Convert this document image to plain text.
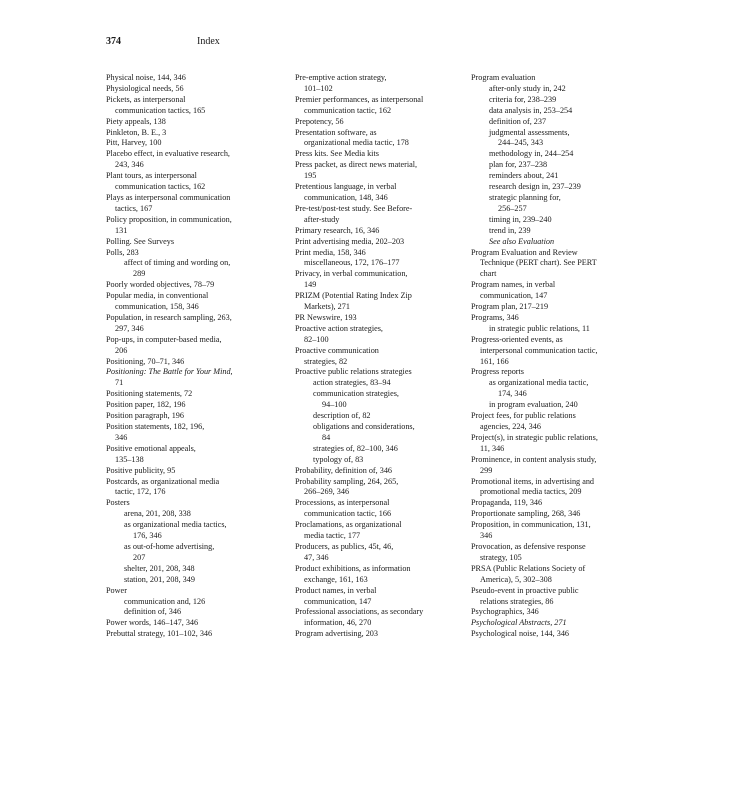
374	Index
Physical noise, 144, 346
Physiological needs, 56
Pickets, as interpersonal
communication tactics, 165
Piety appeals, 138
Pinkleton, B. E., 3
Pitt, Harvey, 100
Placebo effect, in evaluative research,
243, 346
Plant tours, as interpersonal
communication tactics, 162
Plays as interpersonal communication
tactics, 167
Policy proposition, in communication,
131
Polling. See Surveys
Polls, 283
affect of timing and wording on,
289
Poorly worded objectives, 78–79
Popular media, in conventional
communication, 158, 346
Population, in research sampling, 263,
297, 346
Pop-ups, in computer-based media,
206
Positioning, 70–71, 346
Positioning: The Battle for Your Mind,
71
Positioning statements, 72
Position paper, 182, 196
Position paragraph, 196
Position statements, 182, 196,
346
Positive emotional appeals,
135–138
Positive publicity, 95
Postcards, as organizational media
tactic, 172, 176
Posters
arena, 201, 208, 338
as organizational media tactics,
176, 346
as out-of-home advertising,
207
shelter, 201, 208, 348
station, 201, 208, 349
Power
communication and, 126
definition of, 346
Power words, 146–147, 346
Prebuttal strategy, 101–102, 346
Pre-emptive action strategy,
101–102
Premier performances, as interpersonal
communication tactic, 162
Prepotency, 56
Presentation software, as
organizational media tactic, 178
Press kits. See Media kits
Press packet, as direct news material,
195
Pretentious language, in verbal
communication, 148, 346
Pre-test/post-test study. See Before-
after-study
Primary research, 16, 346
Print advertising media, 202–203
Print media, 158, 346
miscellaneous, 172, 176–177
Privacy, in verbal communication,
149
PRIZM (Potential Rating Index Zip
Markets), 271
PR Newswire, 193
Proactive action strategies,
82–100
Proactive communication
strategies, 82
Proactive public relations strategies
action strategies, 83–94
communication strategies,
94–100
description of, 82
obligations and considerations,
84
strategies of, 82–100, 346
typology of, 83
Probability, definition of, 346
Probability sampling, 264, 265,
266–269, 346
Processions, as interpersonal
communication tactic, 166
Proclamations, as organizational
media tactic, 177
Producers, as publics, 45t, 46,
47, 346
Product exhibitions, as information
exchange, 161, 163
Product names, in verbal
communication, 147
Professional associations, as secondary
information, 46, 270
Program advertising, 203
Program evaluation
after-only study in, 242
criteria for, 238–239
data analysis in, 253–254
definition of, 237
judgmental assessments,
244–245, 343
methodology in, 244–254
plan for, 237–238
reminders about, 241
research design in, 237–239
strategic planning for,
256–257
timing in, 239–240
trend in, 239
See also Evaluation
Program Evaluation and Review
Technique (PERT chart). See PERT
chart
Program names, in verbal
communication, 147
Program plan, 217–219
Programs, 346
in strategic public relations, 11
Progress-oriented events, as
interpersonal communication tactic,
161, 166
Progress reports
as organizational media tactic,
174, 346
in program evaluation, 240
Project fees, for public relations
agencies, 224, 346
Project(s), in strategic public relations,
11, 346
Prominence, in content analysis study,
299
Promotional items, in advertising and
promotional media tactics, 209
Propaganda, 119, 346
Proportionate sampling, 268, 346
Proposition, in communication, 131,
346
Provocation, as defensive response
strategy, 105
PRSA (Public Relations Society of
America), 5, 302–308
Pseudo-event in proactive public
relations strategies, 86
Psychographics, 346
Psychological Abstracts, 271
Psychological noise, 144, 346
